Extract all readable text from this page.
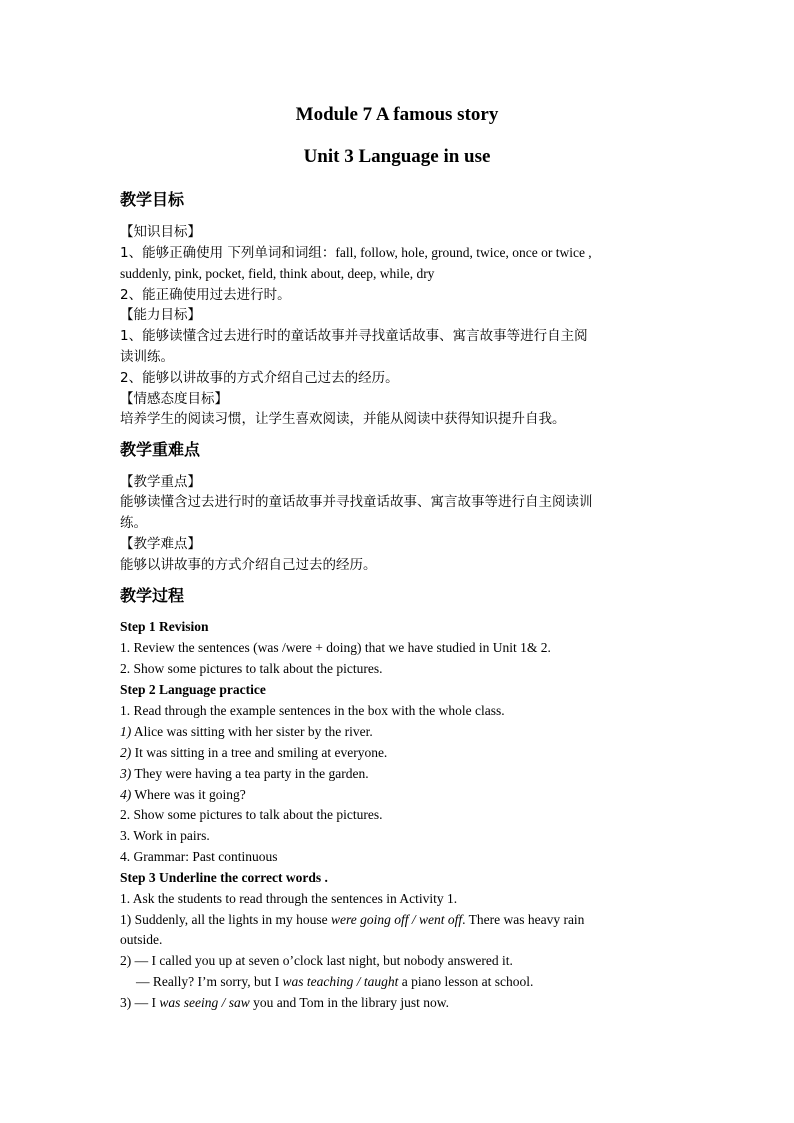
Module 7 A famous story
Unit 3 Language in use
教学目标
【知识目标】
1、能够正确使用 下列单词和词组：fall, follow, hole, ground, twice, once or twice ,
suddenly, pink, pocket, field, think about, deep, while, dry
2、能正确使用过去进行时。
【能力目标】
1、能够读懂含过去进行时的童话故事并寻找童话故事、寓言故事等进行自主阅
读训练。
2、能够以讲故事的方式介绍自己过去的经历。
【情感态度目标】
培养学生的阅读习惯，让学生喜欢阅读，并能从阅读中获得知识提升自我。
教学重难点
【教学重点】
能够读懂含过去进行时的童话故事并寻找童话故事、寓言故事等进行自主阅读训
练。
【教学难点】
能够以讲故事的方式介绍自己过去的经历。
教学过程
Step 1 Revision
1. Review the sentences (was /were + doing) that we have studied in Unit 1& 2.
2. Show some pictures to talk about the pictures.
Step 2 Language practice
1. Read through the example sentences in the box with the whole class.
1) Alice was sitting with her sister by the river.
2) It was sitting in a tree and smiling at everyone.
3) They were having a tea party in the garden.
4) Where was it going?
2. Show some pictures to talk about the pictures.
3. Work in pairs.
4. Grammar: Past continuous
Step 3 Underline the correct words .
1. Ask the students to read through the sentences in Activity 1.
1) Suddenly, all the lights in my house were going off / went off. There was heavy rain
outside.
2) — I called you up at seven o’clock last night, but nobody answered it.
— Really? I’m sorry, but I was teaching / taught a piano lesson at school.
3) — I was seeing / saw you and Tom in the library just now.
